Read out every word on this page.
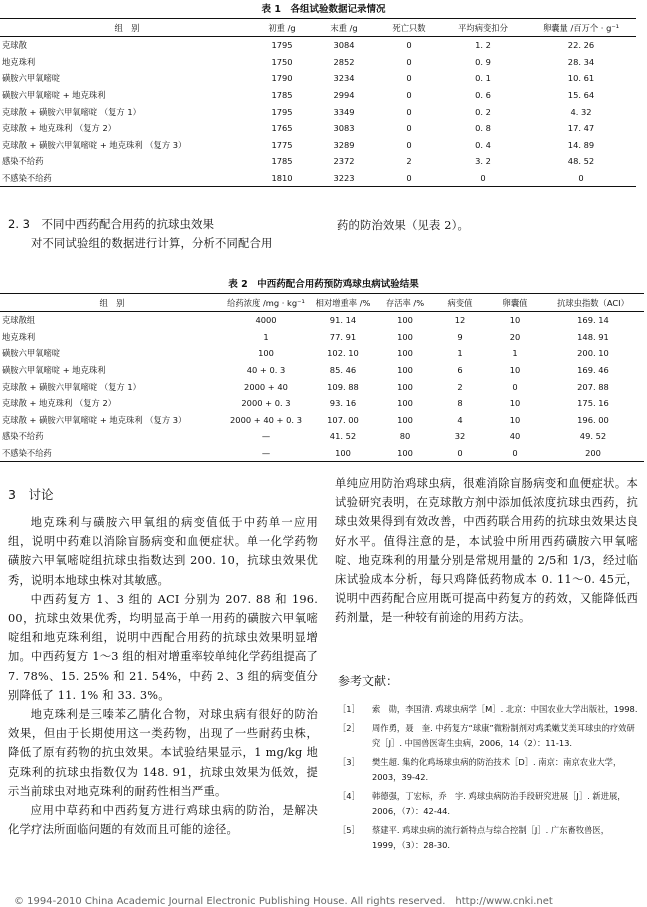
表 1　各组试验数据记录情况
组　别	初重 /g	末重 /g	死亡只数	平均病变扣分	卵囊量 /百万个 · g⁻¹
克球散	1795	3084	0	1. 2	22. 26
地克珠利	1750	2852	0	0. 9	28. 34
磺胺六甲氧嘧啶	1790	3234	0	0. 1	10. 61
磺胺六甲氧嘧啶 + 地克珠利	1785	2994	0	0. 6	15. 64
克球散 + 磺胺六甲氧嘧啶 （复方 1）	1795	3349	0	0. 2	4. 32
克球散 + 地克珠利 （复方 2）	1765	3083	0	0. 8	17. 47
克球散 + 磺胺六甲氧嘧啶 + 地克珠利 （复方 3）	1775	3289	0	0. 4	14. 89
感染不给药	1785	2372	2	3. 2	48. 52
不感染不给药	1810	3223	0	0	0
2. 3　不同中西药配合用药的抗球虫效果
对不同试验组的数据进行计算，分析不同配合用
药的防治效果（见表 2）。
表 2　中西药配合用药预防鸡球虫病试验结果
组　别	给药浓度 /mg · kg⁻¹	相对增重率 /%	存活率 /%	病变值	卵囊值	抗球虫指数（ACI）
克球散组	4000	91. 14	100	12	10	169. 14
地克珠利	1	77. 91	100	9	20	148. 91
磺胺六甲氧嘧啶	100	102. 10	100	1	1	200. 10
磺胺六甲氧嘧啶 + 地克珠利	40 + 0. 3	85. 46	100	6	10	169. 46
克球散 + 磺胺六甲氧嘧啶 （复方 1）	2000 + 40	109. 88	100	2	0	207. 88
克球散 + 地克珠利 （复方 2）	2000 + 0. 3	93. 16	100	8	10	175. 16
克球散 + 磺胺六甲氧嘧啶 + 地克珠利 （复方 3）	2000 + 40 + 0. 3	107. 00	100	4	10	196. 00
感染不给药	—	41. 52	80	32	40	49. 52
不感染不给药	—	100	100	0	0	200
3　讨论

地克珠利与磺胺六甲氧组的病变值低于中药单一应用组，说明中药难以消除盲肠病变和血便症状。单一化学药物磺胺六甲氧嘧啶组抗球虫指数达到 200. 10，抗球虫效果优秀，说明本地球虫株对其敏感。

中西药复方 1、3 组的 ACI 分别为 207. 88 和 196. 00，抗球虫效果优秀，均明显高于单一用药的磺胺六甲氧嘧啶组和地克珠利组，说明中西配合用药的抗球虫效果明显增加。中西药复方 1～3 组的相对增重率较单纯化学药组提高了 7. 78%、15. 25% 和 21. 54%，中药 2、3 组的病变值分别降低了 11. 1% 和 33. 3%。

地克珠利是三嗪苯乙腈化合物，对球虫病有很好的防治效果，但由于长期使用这一类药物，出现了一些耐药虫株，降低了原有药物的抗虫效果。本试验结果显示，1 mg/kg 地克珠利的抗球虫指数仅为 148. 91，抗球虫效果为低效，提示当前球虫对地克珠利的耐药性相当严重。

应用中草药和中西药复方进行鸡球虫病的防治，是解决化学疗法所面临问题的有效而且可能的途径。

单纯应用防治鸡球虫病，很难消除盲肠病变和血便症状。本试验研究表明，在克球散方剂中添加低浓度抗球虫西药，抗球虫效果得到有效改善，中西药联合用药的抗球虫效果达良好水平。值得注意的是，本试验中所用西药磺胺六甲氧嘧啶、地克珠利的用量分别是常规用量的 2/5和 1/3，经过临床试验成本分析，每只鸡降低药物成本 0. 11～0. 45元，说明中西药配合应用既可提高中药复方的药效，又能降低西药剂量，是一种较有前途的用药方法。

参考文献：
［1］ 索　勋，李国清. 鸡球虫病学［M］. 北京：中国农业大学出版社，1998.
［2］ 周作勇，聂　奎. 中药复方“球康”微粉制剂对鸡柔嫩艾美耳球虫的疗效研究［J］. 中国兽医寄生虫病，2006，14（2）：11-13.
［3］ 樊生超. 集约化鸡场球虫病的防治技术［D］. 南京：南京农业大学，2003，39-42.
［4］ 韩德强，丁宏标，乔　宇. 鸡球虫病防治手段研究进展［J］. 新进展，2006，（7）：42-44.
［5］ 蔡建平. 鸡球虫病的流行新特点与综合控制［J］. 广东畜牧兽医，1999，（3）：28-30.
© 1994-2010 China Academic Journal Electronic Publishing House. All rights reserved.　http://www.cnki.net
